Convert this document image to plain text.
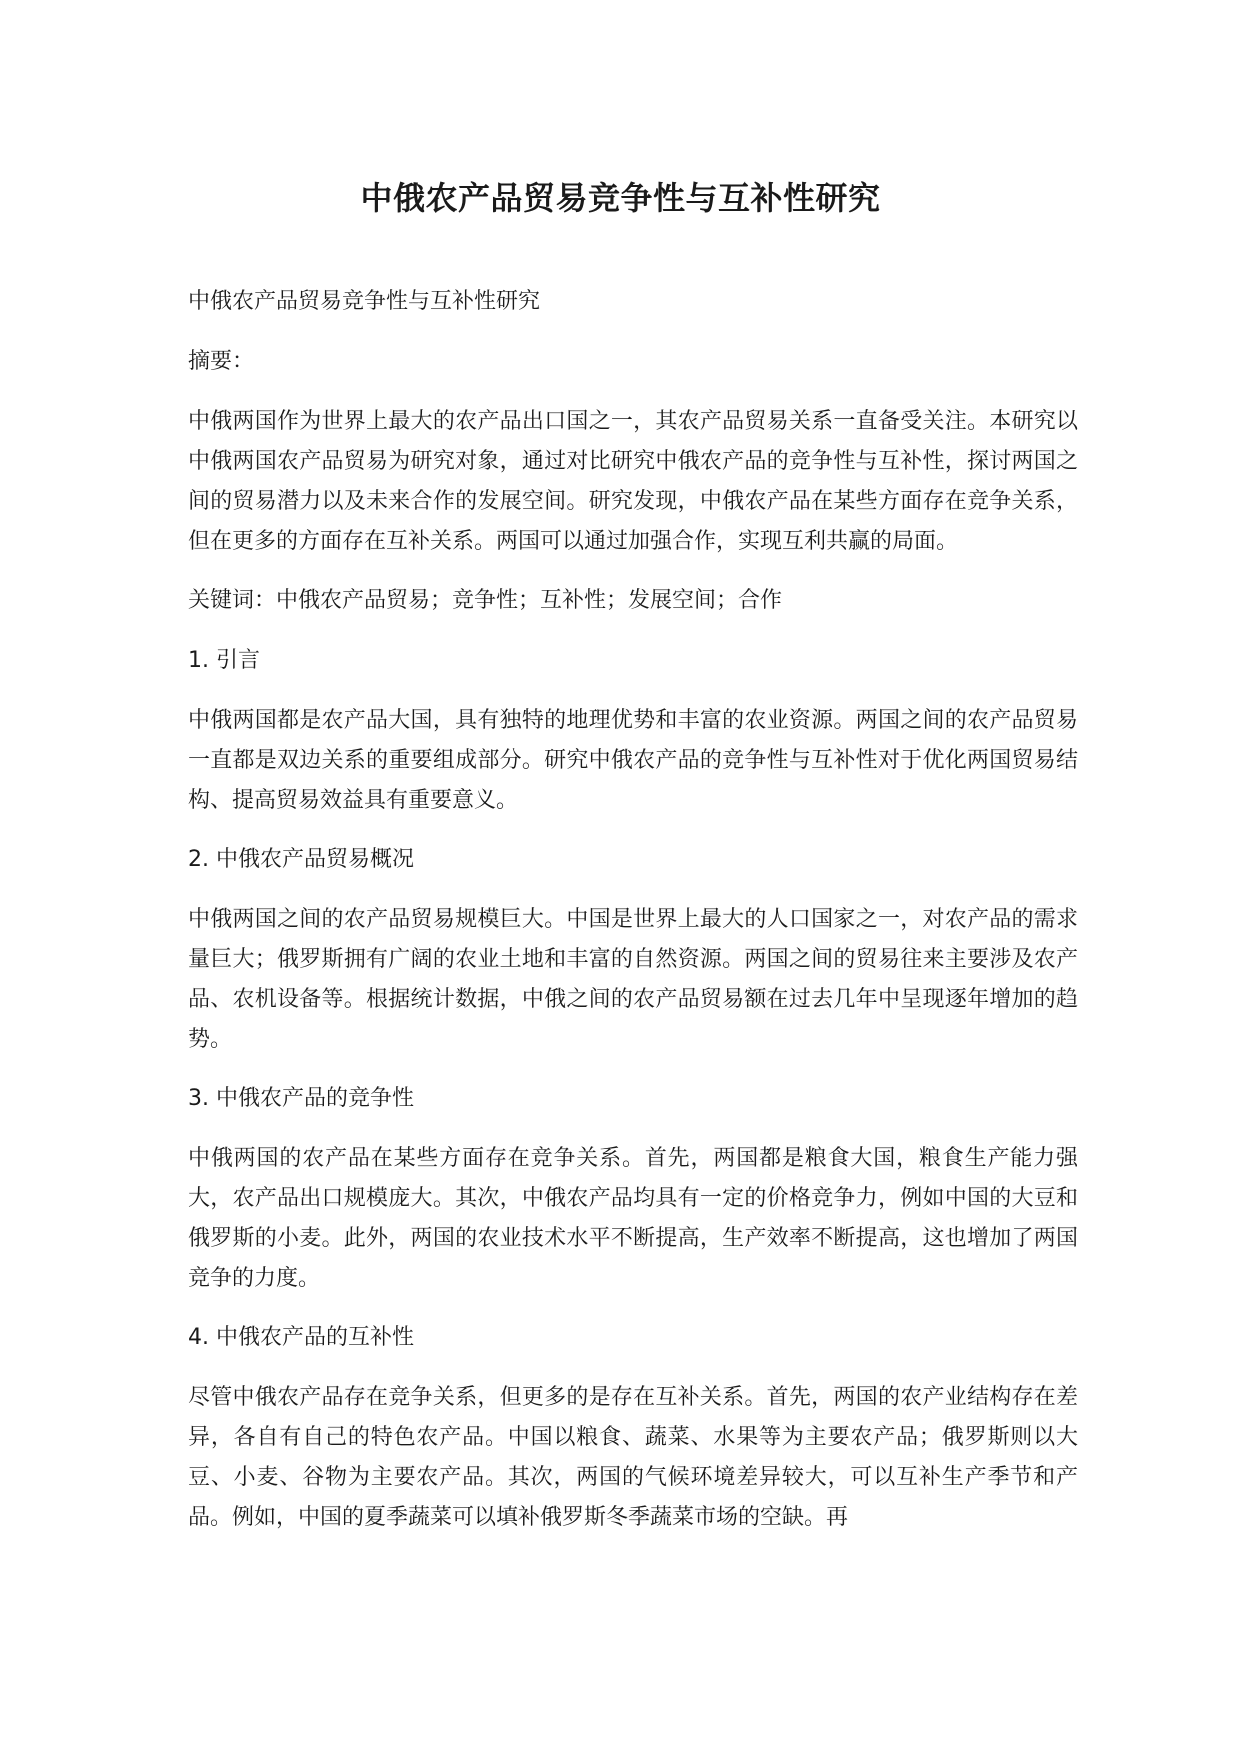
中俄农产品贸易竞争性与互补性研究

中俄农产品贸易竞争性与互补性研究

摘要：

中俄两国作为世界上最大的农产品出口国之一，其农产品贸易关系一直备受关注。本研究以中俄两国农产品贸易为研究对象，通过对比研究中俄农产品的竞争性与互补性，探讨两国之间的贸易潜力以及未来合作的发展空间。研究发现，中俄农产品在某些方面存在竞争关系，但在更多的方面存在互补关系。两国可以通过加强合作，实现互利共赢的局面。

关键词：中俄农产品贸易；竞争性；互补性；发展空间；合作

1. 引言

中俄两国都是农产品大国，具有独特的地理优势和丰富的农业资源。两国之间的农产品贸易一直都是双边关系的重要组成部分。研究中俄农产品的竞争性与互补性对于优化两国贸易结构、提高贸易效益具有重要意义。

2. 中俄农产品贸易概况

中俄两国之间的农产品贸易规模巨大。中国是世界上最大的人口国家之一，对农产品的需求量巨大；俄罗斯拥有广阔的农业土地和丰富的自然资源。两国之间的贸易往来主要涉及农产品、农机设备等。根据统计数据，中俄之间的农产品贸易额在过去几年中呈现逐年增加的趋势。

3. 中俄农产品的竞争性

中俄两国的农产品在某些方面存在竞争关系。首先，两国都是粮食大国，粮食生产能力强大，农产品出口规模庞大。其次，中俄农产品均具有一定的价格竞争力，例如中国的大豆和俄罗斯的小麦。此外，两国的农业技术水平不断提高，生产效率不断提高，这也增加了两国竞争的力度。

4. 中俄农产品的互补性

尽管中俄农产品存在竞争关系，但更多的是存在互补关系。首先，两国的农产业结构存在差异，各自有自己的特色农产品。中国以粮食、蔬菜、水果等为主要农产品；俄罗斯则以大豆、小麦、谷物为主要农产品。其次，两国的气候环境差异较大，可以互补生产季节和产品。例如，中国的夏季蔬菜可以填补俄罗斯冬季蔬菜市场的空缺。再
